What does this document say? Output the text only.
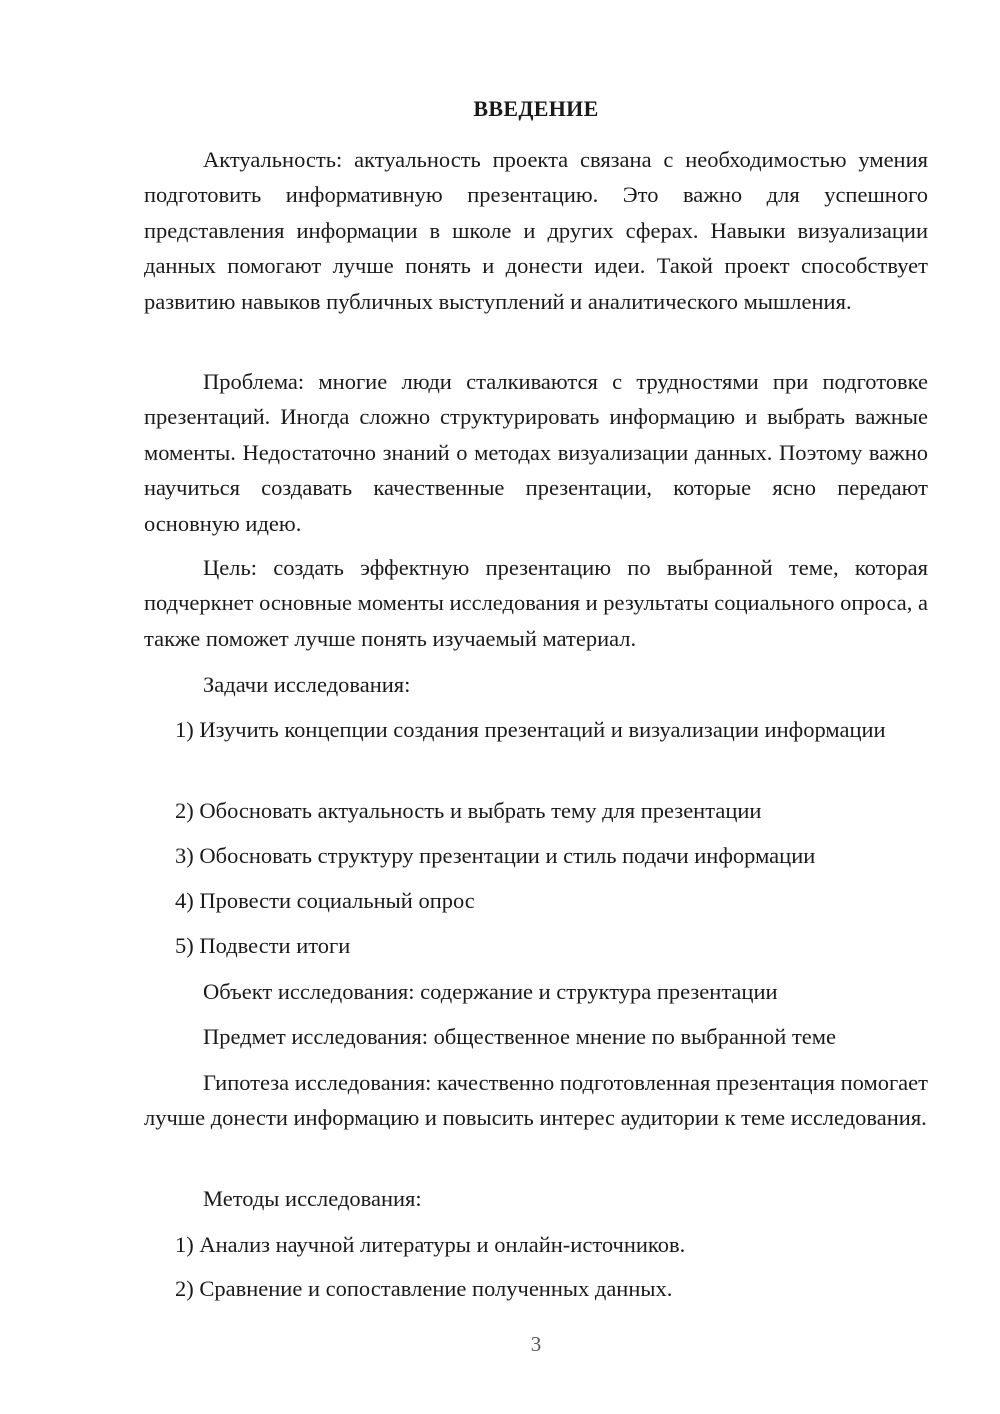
ВВЕДЕНИЕ

Актуальность: актуальность проекта связана с необходимостью умения подготовить информативную презентацию. Это важно для успешного представления информации в школе и других сферах. Навыки визуализации данных помогают лучше понять и донести идеи. Такой проект способствует развитию навыков публичных выступлений и аналитического мышления.

Проблема: многие люди сталкиваются с трудностями при подготовке презентаций. Иногда сложно структурировать информацию и выбрать важные моменты. Недостаточно знаний о методах визуализации данных. Поэтому важно научиться создавать качественные презентации, которые ясно передают основную идею.

Цель: создать эффектную презентацию по выбранной теме, которая подчеркнет основные моменты исследования и результаты социального опроса, а также поможет лучше понять изучаемый материал.

Задачи исследования:

1) Изучить концепции создания презентаций и визуализации информации

2) Обосновать актуальность и выбрать тему для презентации

3) Обосновать структуру презентации и стиль подачи информации

4) Провести социальный опрос

5) Подвести итоги

Объект исследования: содержание и структура презентации

Предмет исследования: общественное мнение по выбранной теме

Гипотеза исследования: качественно подготовленная презентация помогает лучше донести информацию и повысить интерес аудитории к теме исследования.

Методы исследования:

1) Анализ научной литературы и онлайн-источников.

2) Сравнение и сопоставление полученных данных.

3
